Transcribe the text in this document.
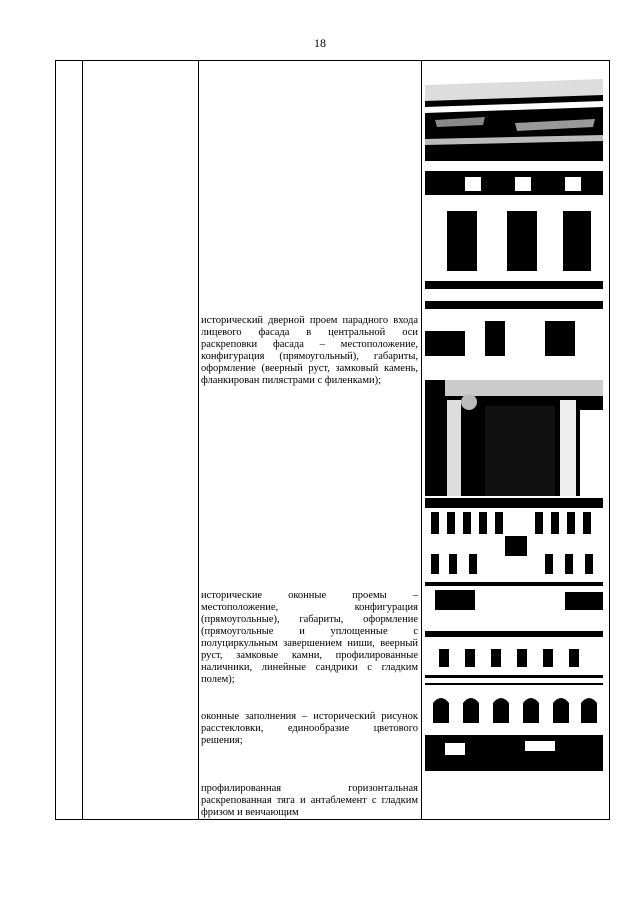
18

исторический дверной проем парадного входа лицевого фасада в центральной оси раскреповки фасада – местоположение, конфигурация (прямоугольный), габариты, оформление (веерный руст, замковый камень, фланкирован пилястрами с филенками);

исторические оконные проемы – местоположение, конфигурация (прямоугольные), габариты, оформление (прямоугольные и уплощенные с полуциркульным завершением ниши, веерный руст, замковые камни, профилированные наличники, линейные сандрики с гладким полем);

оконные заполнения – исторический рисунок расстекловки, единообразие цветового решения;

профилированная горизонтальная раскрепованная тяга и антаблемент с гладким фризом и венчающим
